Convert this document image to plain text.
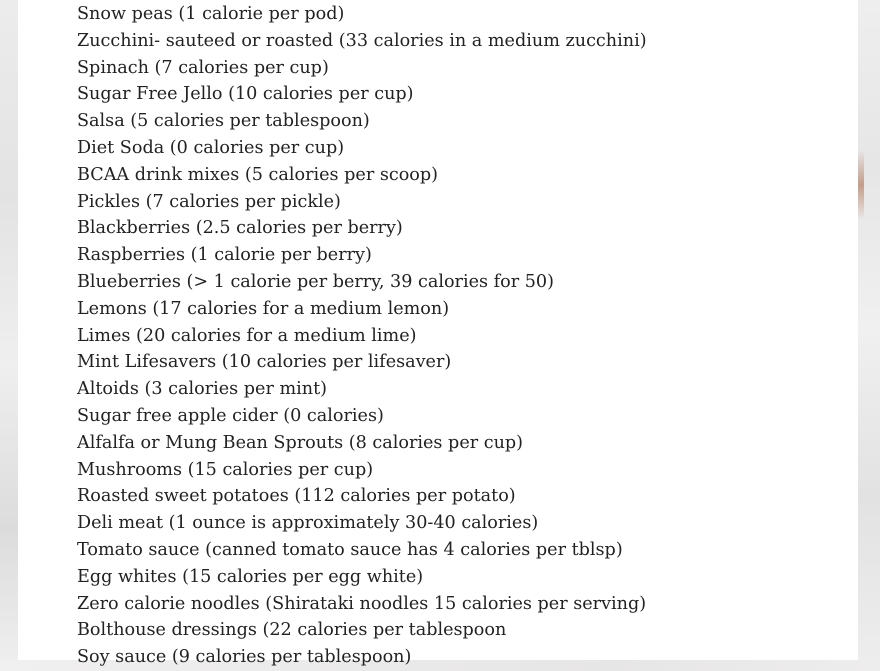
Snow peas (1 calorie per pod)
Zucchini- sauteed or roasted (33 calories in a medium zucchini)
Spinach (7 calories per cup)
Sugar Free Jello (10 calories per cup)
Salsa (5 calories per tablespoon)
Diet Soda (0 calories per cup)
BCAA drink mixes (5 calories per scoop)
Pickles (7 calories per pickle)
Blackberries (2.5 calories per berry)
Raspberries (1 calorie per berry)
Blueberries (> 1 calorie per berry, 39 calories for 50)
Lemons (17 calories for a medium lemon)
Limes (20 calories for a medium lime)
Mint Lifesavers (10 calories per lifesaver)
Altoids (3 calories per mint)
Sugar free apple cider (0 calories)
Alfalfa or Mung Bean Sprouts (8 calories per cup)
Mushrooms (15 calories per cup)
Roasted sweet potatoes (112 calories per potato)
Deli meat (1 ounce is approximately 30-40 calories)
Tomato sauce (canned tomato sauce has 4 calories per tblsp)
Egg whites (15 calories per egg white)
Zero calorie noodles (Shirataki noodles 15 calories per serving)
Bolthouse dressings (22 calories per tablespoon
Soy sauce (9 calories per tablespoon)
